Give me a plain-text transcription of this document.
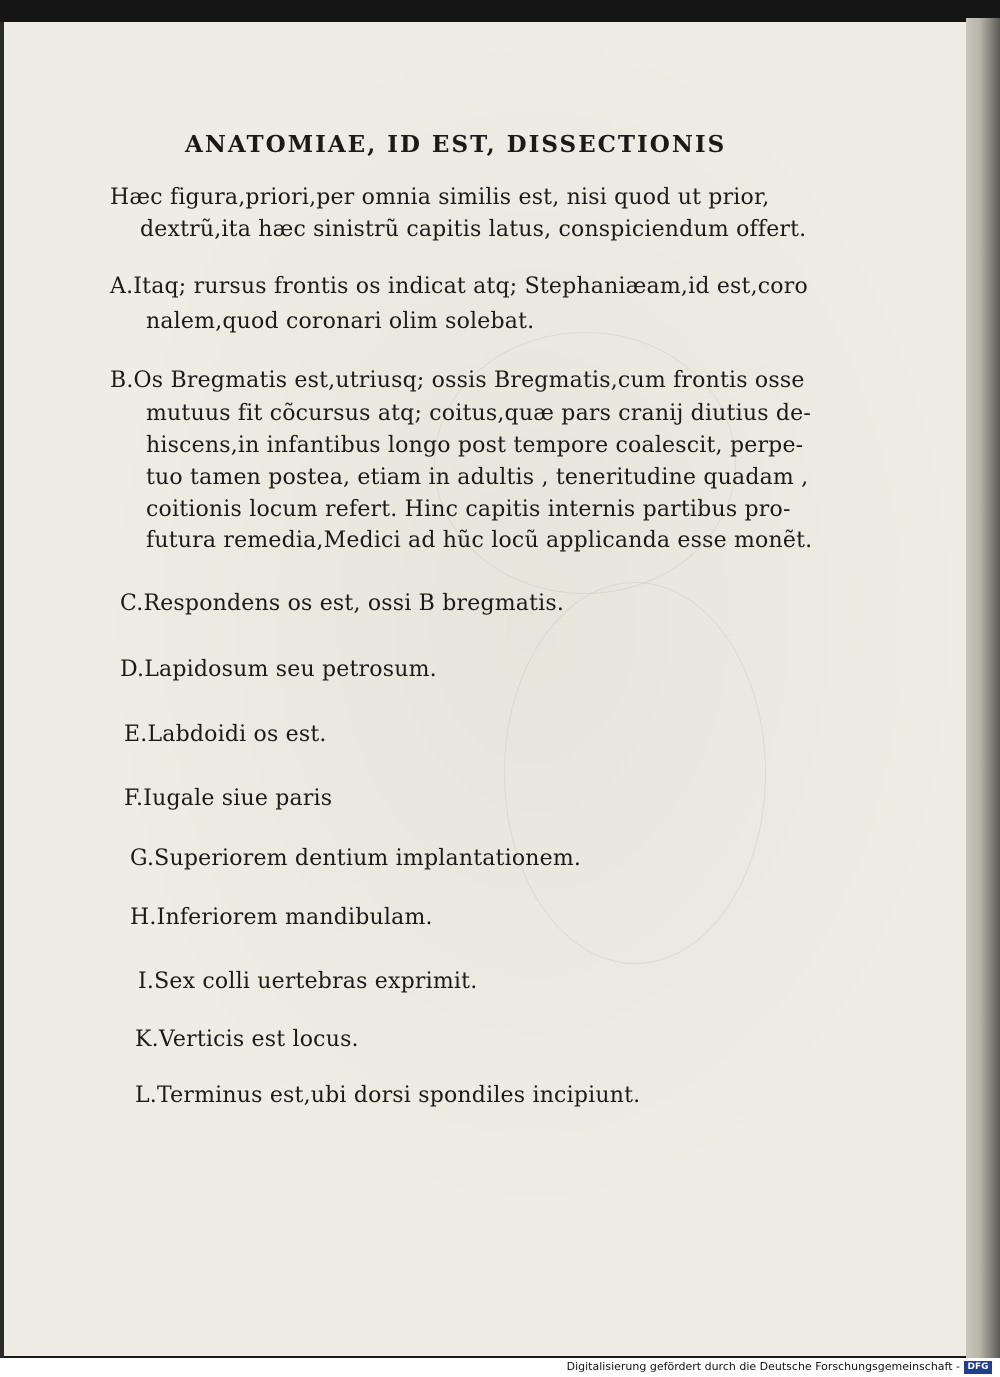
ANATOMIAE, ID EST, DISSECTIONIS
Hæc figura,priori,per omnia similis est, nisi quod ut prior,
dextrũ,ita hæc sinistrũ capitis latus, conspiciendum offert.
A.Itaq; rursus frontis os indicat atq; Stephaniæam,id est,coro
nalem,quod coronari olim solebat.
B.Os Bregmatis est,utriusq; ossis Bregmatis,cum frontis osse
mutuus fit cõcursus atq; coitus,quæ pars cranij diutius de-
hiscens,in infantibus longo post tempore coalescit, perpe-
tuo tamen postea, etiam in adultis , teneritudine quadam ,
coitionis locum refert. Hinc capitis internis partibus pro-
futura remedia,Medici ad hũc locũ applicanda esse monẽt.
C.Respondens os est, ossi B bregmatis.
D.Lapidosum seu petrosum.
E.Labdoidi os est.
F.Iugale siue paris
G.Superiorem dentium implantationem.
H.Inferiorem mandibulam.
I.Sex colli uertebras exprimit.
K.Verticis est locus.
L.Terminus est,ubi dorsi spondiles incipiunt.
Digitalisierung gefördert durch die Deutsche Forschungsgemeinschaft - DFG
